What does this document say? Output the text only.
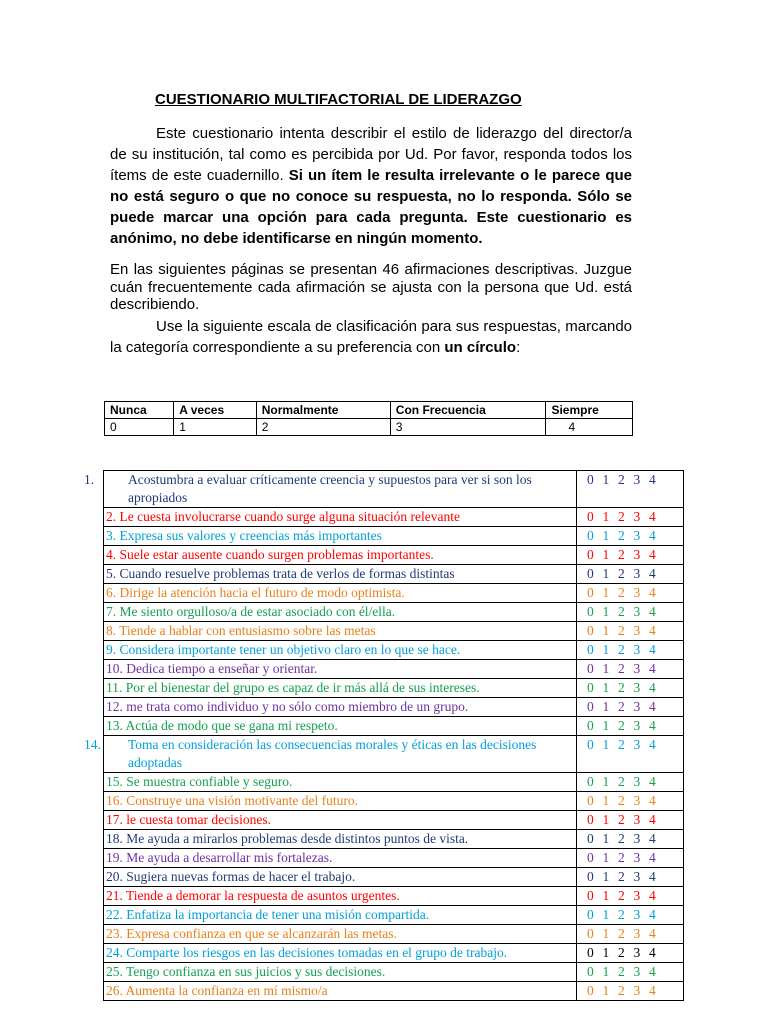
CUESTIONARIO MULTIFACTORIAL DE LIDERAZGO
Este cuestionario intenta describir el estilo de liderazgo del director/a de su institución, tal como es percibida por Ud. Por favor, responda todos los ítems de este cuadernillo. Si un ítem le resulta irrelevante o le parece que no está seguro o que no conoce su respuesta, no lo responda. Sólo se puede marcar una opción para cada pregunta. Este cuestionario es anónimo, no debe identificarse en ningún momento.
En las siguientes páginas se presentan 46 afirmaciones descriptivas. Juzgue cuán frecuentemente cada afirmación se ajusta con la persona que Ud. está describiendo.
Use la siguiente escala de clasificación para sus respuestas, marcando la categoría correspondiente a su preferencia con un círculo:
Nunca	A veces	Normalmente	Con Frecuencia	Siempre
0	1	2	3	4
1. Acostumbra a evaluar críticamente creencia y supuestos para ver si son los apropiados	0 1 2 3 4
2. Le cuesta involucrarse cuando surge alguna situación relevante	0 1 2 3 4
3. Expresa sus valores y creencias más importantes	0 1 2 3 4
4. Suele estar ausente cuando surgen problemas importantes.	0 1 2 3 4
5. Cuando resuelve problemas trata de verlos de formas distintas	0 1 2 3 4
6. Dirige la atención hacia el futuro de modo optimista.	0 1 2 3 4
7. Me siento orgulloso/a de estar asociado con él/ella.	0 1 2 3 4
8. Tiende a hablar con entusiasmo sobre las metas	0 1 2 3 4
9. Considera importante tener un objetivo claro en lo que se hace.	0 1 2 3 4
10. Dedica tiempo a enseñar y orientar.	0 1 2 3 4
11. Por el bienestar del grupo es capaz de ir más allá de sus intereses.	0 1 2 3 4
12. me trata como individuo y no sólo como miembro de un grupo.	0 1 2 3 4
13. Actúa de modo que se gana mi respeto.	0 1 2 3 4

14. Toma en consideración las consecuencias morales y éticas en las decisiones adoptadas	0 1 2 3 4
15. Se muestra confiable y seguro.	0 1 2 3 4
16. Construye una visión motivante del futuro.	0 1 2 3 4
17. le cuesta tomar decisiones.	0 1 2 3 4
18. Me ayuda a mirarlos problemas desde distintos puntos de vista.	0 1 2 3 4
19. Me ayuda a desarrollar mis fortalezas.	0 1 2 3 4
20. Sugiera nuevas formas de hacer el trabajo.	0 1 2 3 4
21. Tiende a demorar la respuesta de asuntos urgentes.	0 1 2 3 4
22. Enfatiza la importancia de tener una misión compartida.	0 1 2 3 4
23. Expresa confianza en que se alcanzarán las metas.	0 1 2 3 4
24. Comparte los riesgos en las decisiones tomadas en el grupo de trabajo.	0 1 2 3 4
25. Tengo confianza en sus juicios y sus decisiones.	0 1 2 3 4
26. Aumenta la confianza en mí mismo/a	0 1 2 3 4
